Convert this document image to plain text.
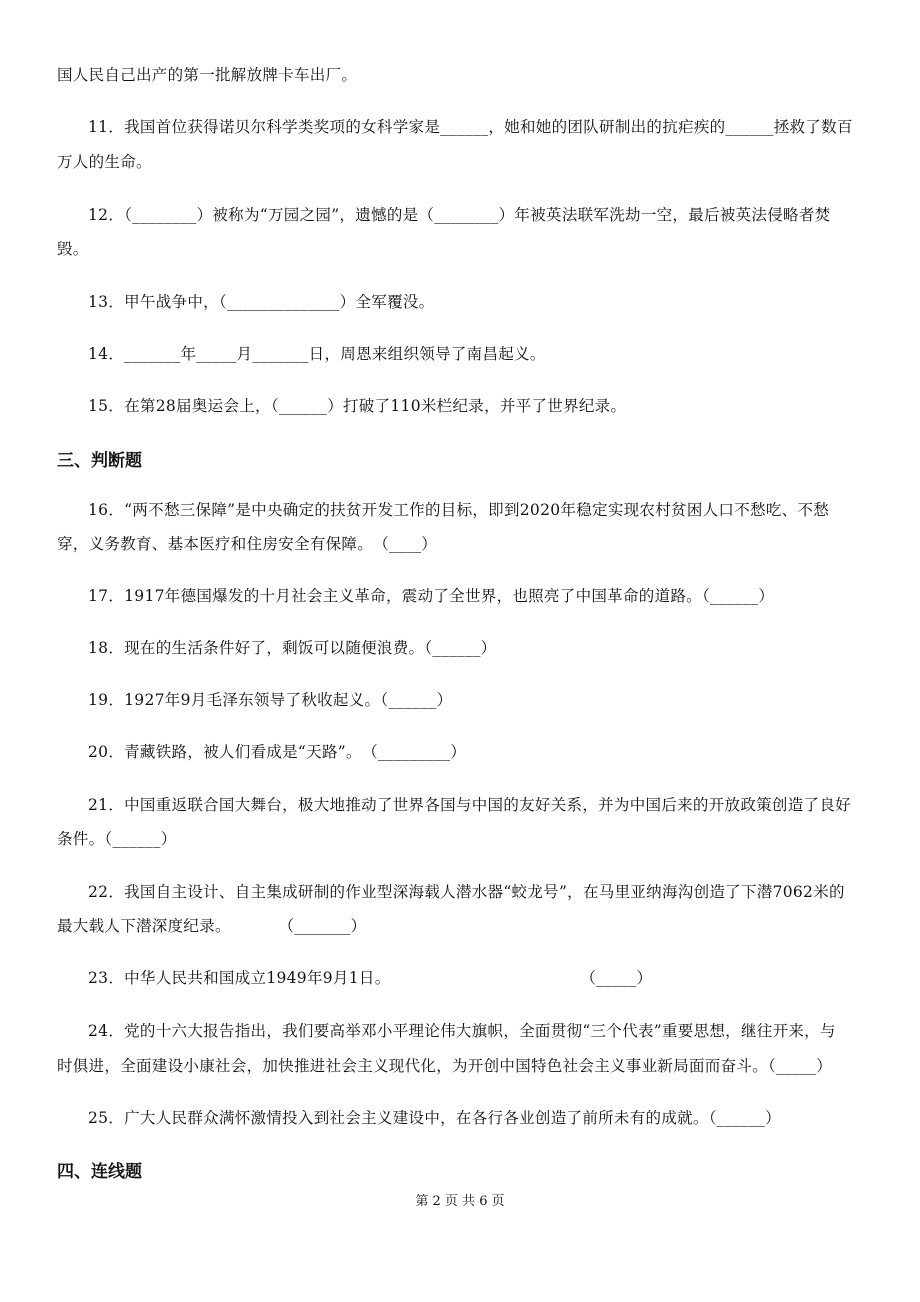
国人民自己出产的第一批解放牌卡车出厂。
11．我国首位获得诺贝尔科学类奖项的女科学家是______，她和她的团队研制出的抗疟疾的______拯救了数百
万人的生命。
12．（________）被称为“万园之园”，遗憾的是（________）年被英法联军洗劫一空，最后被英法侵略者焚
毁。
13．甲午战争中，（______________）全军覆没。
14．_______年_____月_______日，周恩来组织领导了南昌起义。
15．在第28届奥运会上，（______）打破了110米栏纪录，并平了世界纪录。
三、判断题
16．“两不愁三保障”是中央确定的扶贫开发工作的目标，即到2020年稳定实现农村贫困人口不愁吃、不愁
穿，义务教育、基本医疗和住房安全有保障。　（____）
17．1917年德国爆发的十月社会主义革命，震动了全世界，也照亮了中国革命的道路。（______）
18．现在的生活条件好了，剩饭可以随便浪费。（______）
19．1927年9月毛泽东领导了秋收起义。（______）
20．青藏铁路，被人们看成是“天路”。　（_________）
21．中国重返联合国大舞台，极大地推动了世界各国与中国的友好关系，并为中国后来的开放政策创造了良好
条件。（______）
22．我国自主设计、自主集成研制的作业型深海载人潜水器“蛟龙号”，在马里亚纳海沟创造了下潜7062米的
最大载人下潜深度纪录。　　　　（_______）
23．中华人民共和国成立1949年9月1日。　　　　　　　　　　　　　（_____）
24．党的十六大报告指出，我们要高举邓小平理论伟大旗帜，全面贯彻“三个代表”重要思想，继往开来，与
时俱进，全面建设小康社会，加快推进社会主义现代化，为开创中国特色社会主义事业新局面而奋斗。（_____）
25．广大人民群众满怀激情投入到社会主义建设中，在各行各业创造了前所未有的成就。（______）
四、连线题
第 2 页 共 6 页
